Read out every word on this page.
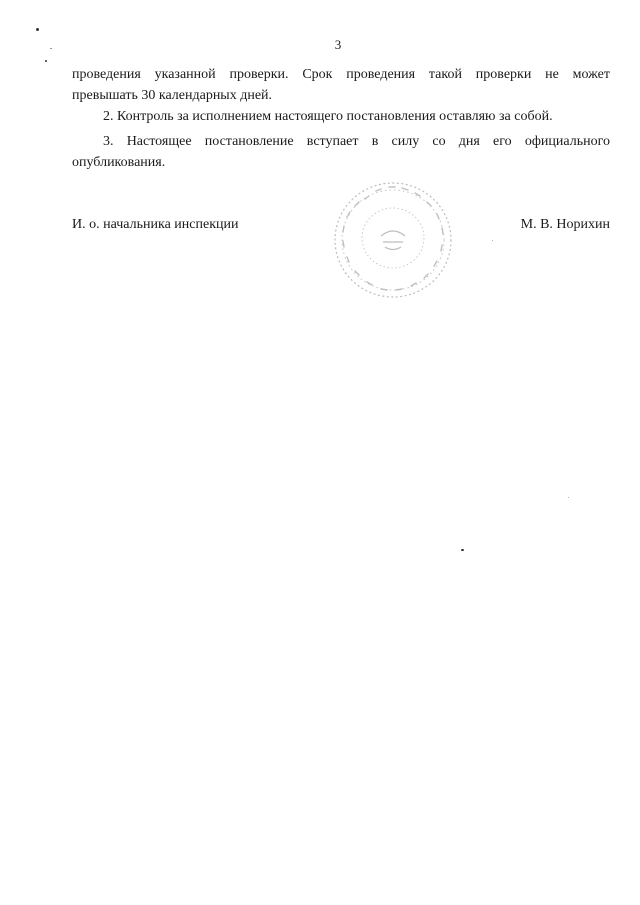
3

проведения указанной проверки. Срок проведения такой проверки не может
превышать 30 календарных дней.

2. Контроль за исполнением настоящего постановления оставляю за собой.

3. Настоящее постановление вступает в силу со дня его официального
опубликования.

И. о. начальника инспекции	М. В. Норихин
